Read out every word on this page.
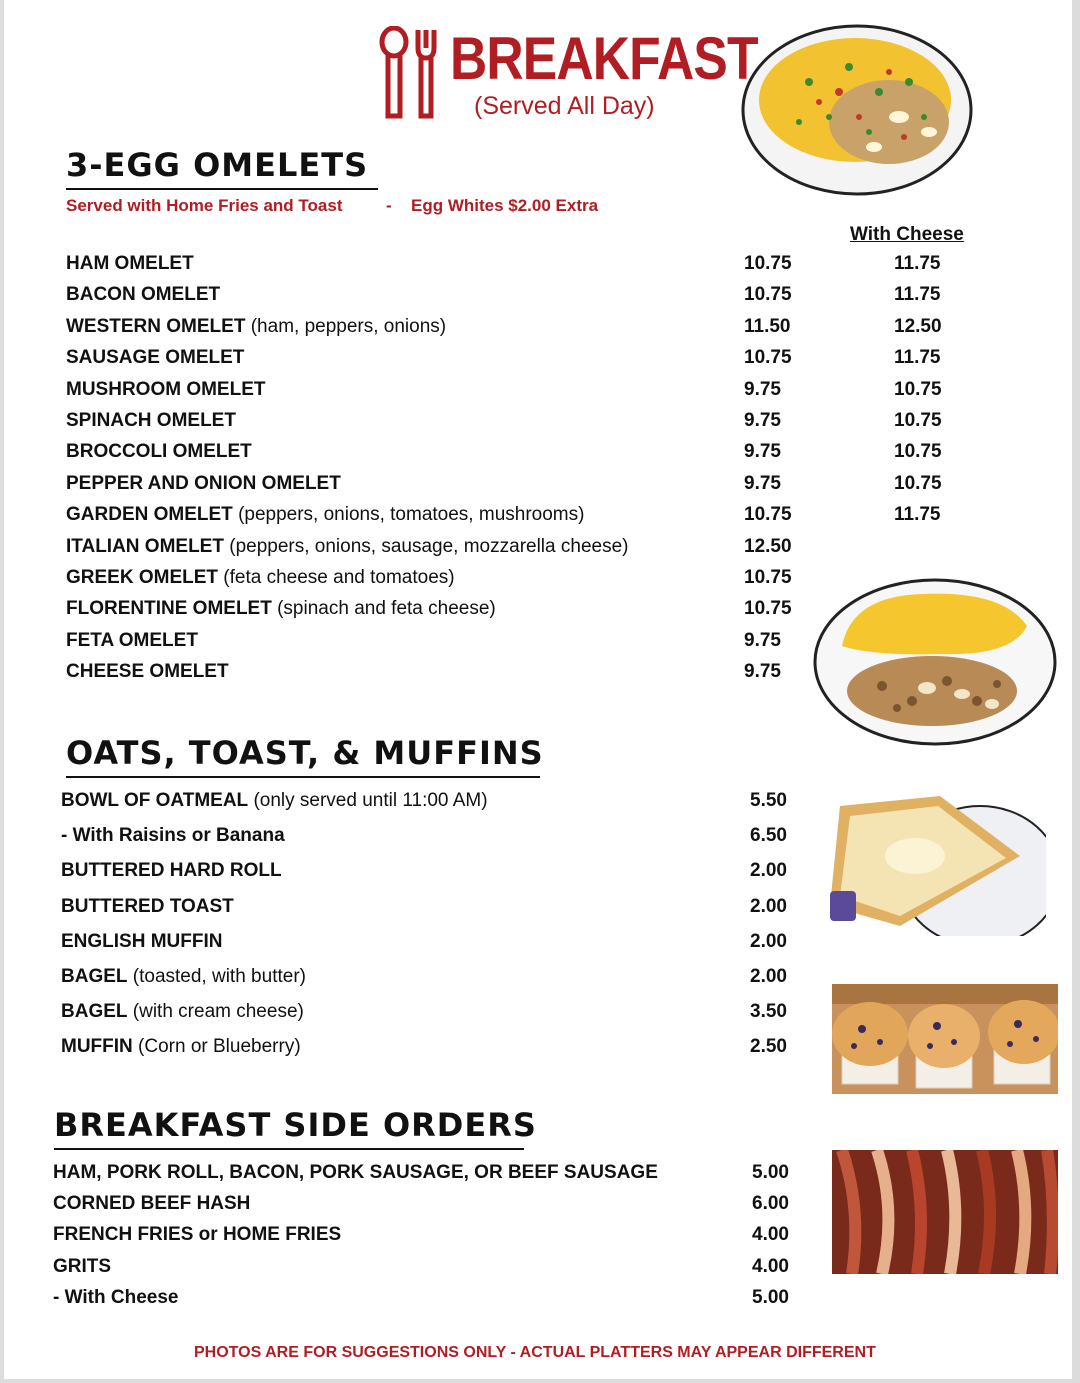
BREAKFAST
(Served All Day)
3-EGG OMELETS
Served with Home Fries and Toast	- Egg Whites $2.00 Extra
With Cheese
HAM OMELET	10.75	11.75
BACON OMELET	10.75	11.75
WESTERN OMELET (ham, peppers, onions)	11.50	12.50
SAUSAGE OMELET	10.75	11.75
MUSHROOM OMELET	9.75	10.75
SPINACH OMELET	9.75	10.75
BROCCOLI OMELET	9.75	10.75
PEPPER AND ONION OMELET	9.75	10.75
GARDEN OMELET (peppers, onions, tomatoes, mushrooms)	10.75	11.75
ITALIAN OMELET (peppers, onions, sausage, mozzarella cheese)	12.50
GREEK OMELET (feta cheese and tomatoes)	10.75
FLORENTINE OMELET (spinach and feta cheese)	10.75
FETA OMELET	9.75
CHEESE OMELET	9.75
OATS, TOAST, & MUFFINS
BOWL OF OATMEAL (only served until 11:00 AM)	5.50
- With Raisins or Banana	6.50
BUTTERED HARD ROLL	2.00
BUTTERED TOAST	2.00
ENGLISH MUFFIN	2.00
BAGEL (toasted, with butter)	2.00
BAGEL (with cream cheese)	3.50
MUFFIN (Corn or Blueberry)	2.50
BREAKFAST SIDE ORDERS
HAM, PORK ROLL, BACON, PORK SAUSAGE, OR BEEF SAUSAGE	5.00
CORNED BEEF HASH	6.00
FRENCH FRIES or HOME FRIES	4.00
GRITS	4.00
- With Cheese	5.00
PHOTOS ARE FOR SUGGESTIONS ONLY - ACTUAL PLATTERS MAY APPEAR DIFFERENT
